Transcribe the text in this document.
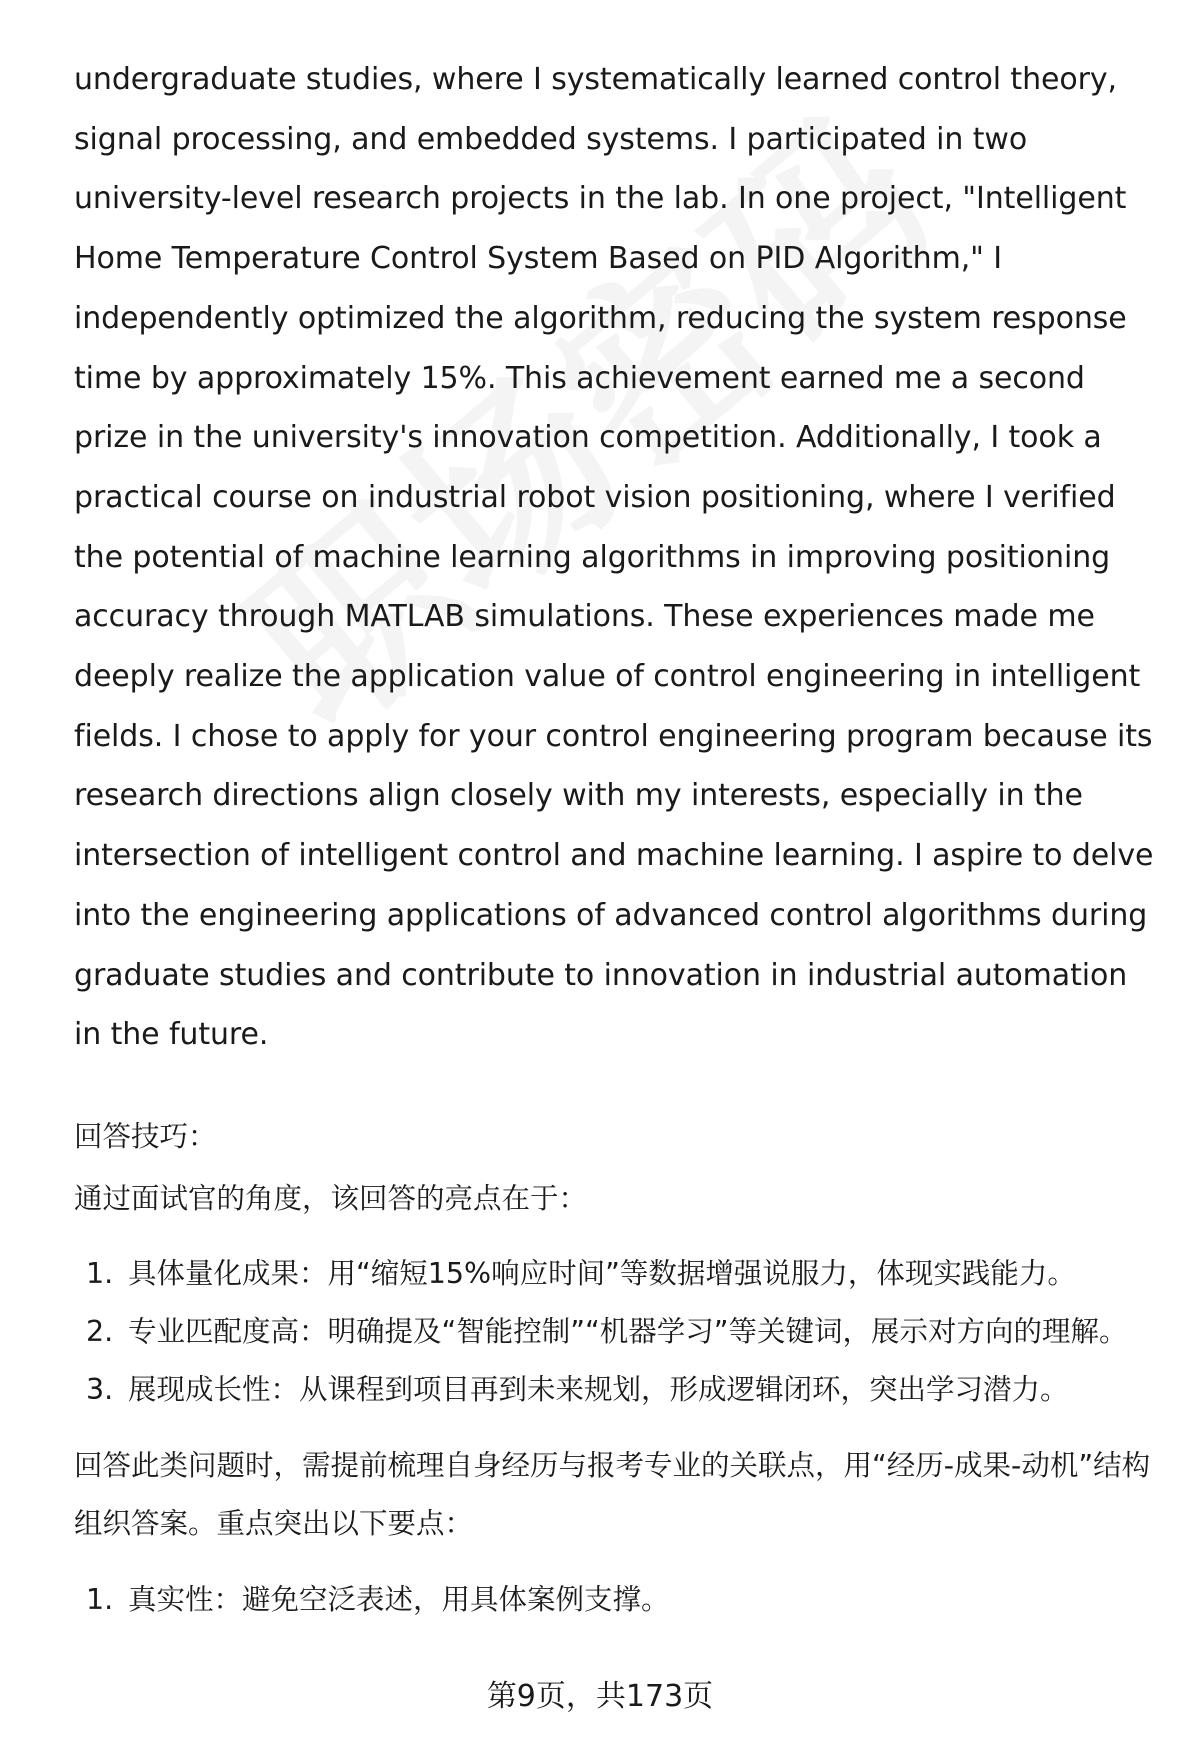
undergraduate studies, where I systematically learned control theory, signal processing, and embedded systems. I participated in two university-level research projects in the lab. In one project, "Intelligent Home Temperature Control System Based on PID Algorithm," I independently optimized the algorithm, reducing the system response time by approximately 15%. This achievement earned me a second prize in the university's innovation competition. Additionally, I took a practical course on industrial robot vision positioning, where I verified the potential of machine learning algorithms in improving positioning accuracy through MATLAB simulations. These experiences made me deeply realize the application value of control engineering in intelligent fields. I chose to apply for your control engineering program because its research directions align closely with my interests, especially in the intersection of intelligent control and machine learning. I aspire to delve into the engineering applications of advanced control algorithms during graduate studies and contribute to innovation in industrial automation in the future.

回答技巧：

通过面试官的角度，该回答的亮点在于：

1. 具体量化成果：用“缩短15%响应时间”等数据增强说服力，体现实践能力。
2. 专业匹配度高：明确提及“智能控制”“机器学习”等关键词，展示对方向的理解。
3. 展现成长性：从课程到项目再到未来规划，形成逻辑闭环，突出学习潜力。

回答此类问题时，需提前梳理自身经历与报考专业的关联点，用“经历-成果-动机”结构组织答案。重点突出以下要点：

1. 真实性：避免空泛表述，用具体案例支撑。
第9页，共173页
